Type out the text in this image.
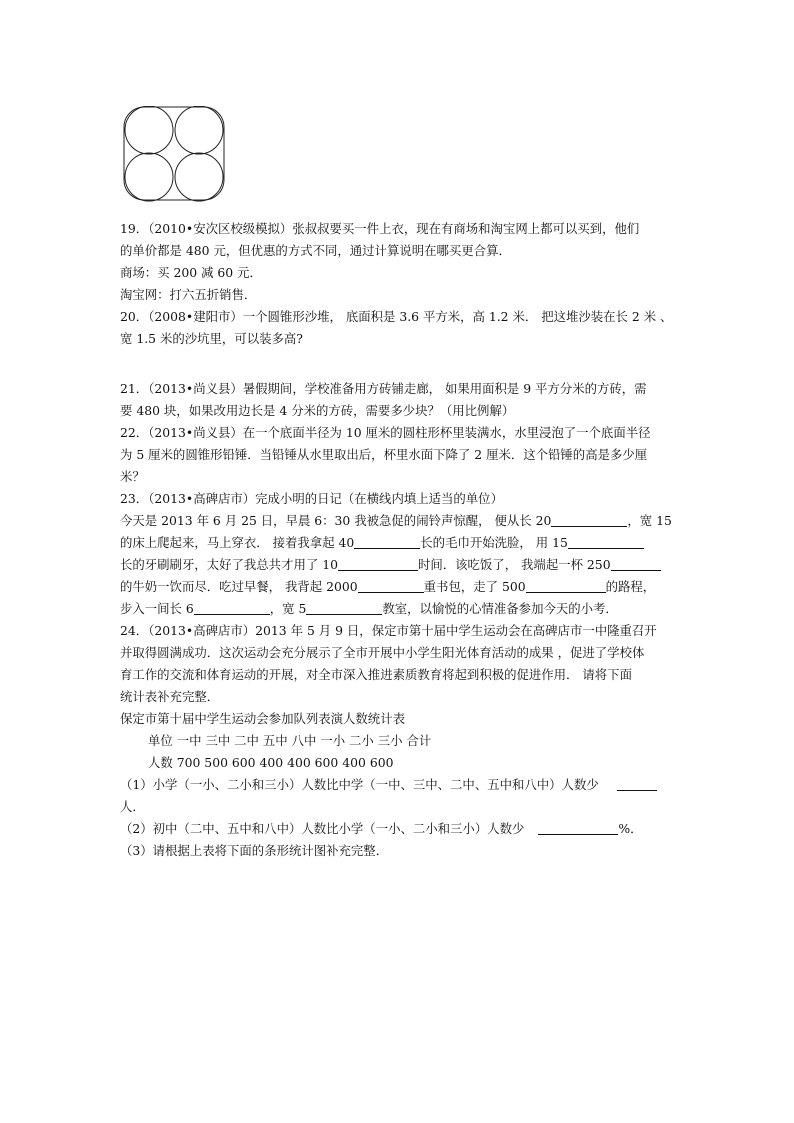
19．（2010•安次区校级模拟）张叔叔要买一件上衣，现在有商场和淘宝网上都可以买到，他们
的单价都是 480 元，但优惠的方式不同，通过计算说明在哪买更合算．
商场：买 200 减 60 元．
淘宝网：打六五折销售．
20．（2008•建阳市）一个圆锥形沙堆， 底面积是 3.6 平方米，高 1.2 米． 把这堆沙装在长 2 米 、
宽 1.5 米的沙坑里，可以装多高?
21．（2013•尚义县）暑假期间，学校准备用方砖铺走廊， 如果用面积是 9 平方分米的方砖，需
要 480 块，如果改用边长是 4 分米的方砖，需要多少块？（用比例解）
22．（2013•尚义县）在一个底面半径为 10 厘米的圆柱形杯里装满水，水里浸泡了一个底面半径
为 5 厘米的圆锥形铅锤．当铅锤从水里取出后，杯里水面下降了 2 厘米．这个铅锤的高是多少厘
米？
23．（2013•高碑店市）完成小明的日记（在横线内填上适当的单位）
今天是 2013 年 6 月 25 日，早晨 6：30 我被急促的闹铃声惊醒， 便从长 20	，宽 15
的床上爬起来，马上穿衣． 接着我拿起 40	长的毛巾开始洗脸， 用 15
长的牙刷刷牙，太好了我总共才用了 10	时间．该吃饭了， 我端起一杯 250
的牛奶一饮而尽．吃过早餐， 我背起 2000	重书包，走了 500	的路程，
步入一间长 6	，宽 5	教室，以愉悦的心情准备参加今天的小考．
24．（2013•高碑店市）2013 年 5 月 9 日，保定市第十届中学生运动会在高碑店市一中隆重召开
并取得圆满成功．这次运动会充分展示了全市开展中小学生阳光体育活动的成果 ，促进了学校体
育工作的交流和体育运动的开展，对全市深入推进素质教育将起到积极的促进作用． 请将下面
统计表补充完整．
保定市第十届中学生运动会参加队列表演人数统计表
单位 一中 三中 二中 五中 八中 一小 二小 三小 合计
人数 700 500 600 400 400 600 400 600
（1）小学（一小、二小和三小）人数比中学（一中、三中、二中、五中和八中）人数少
人．
（2）初中（二中、五中和八中）人数比小学（一小、二小和三小）人数少	%．
（3）请根据上表将下面的条形统计图补充完整．
